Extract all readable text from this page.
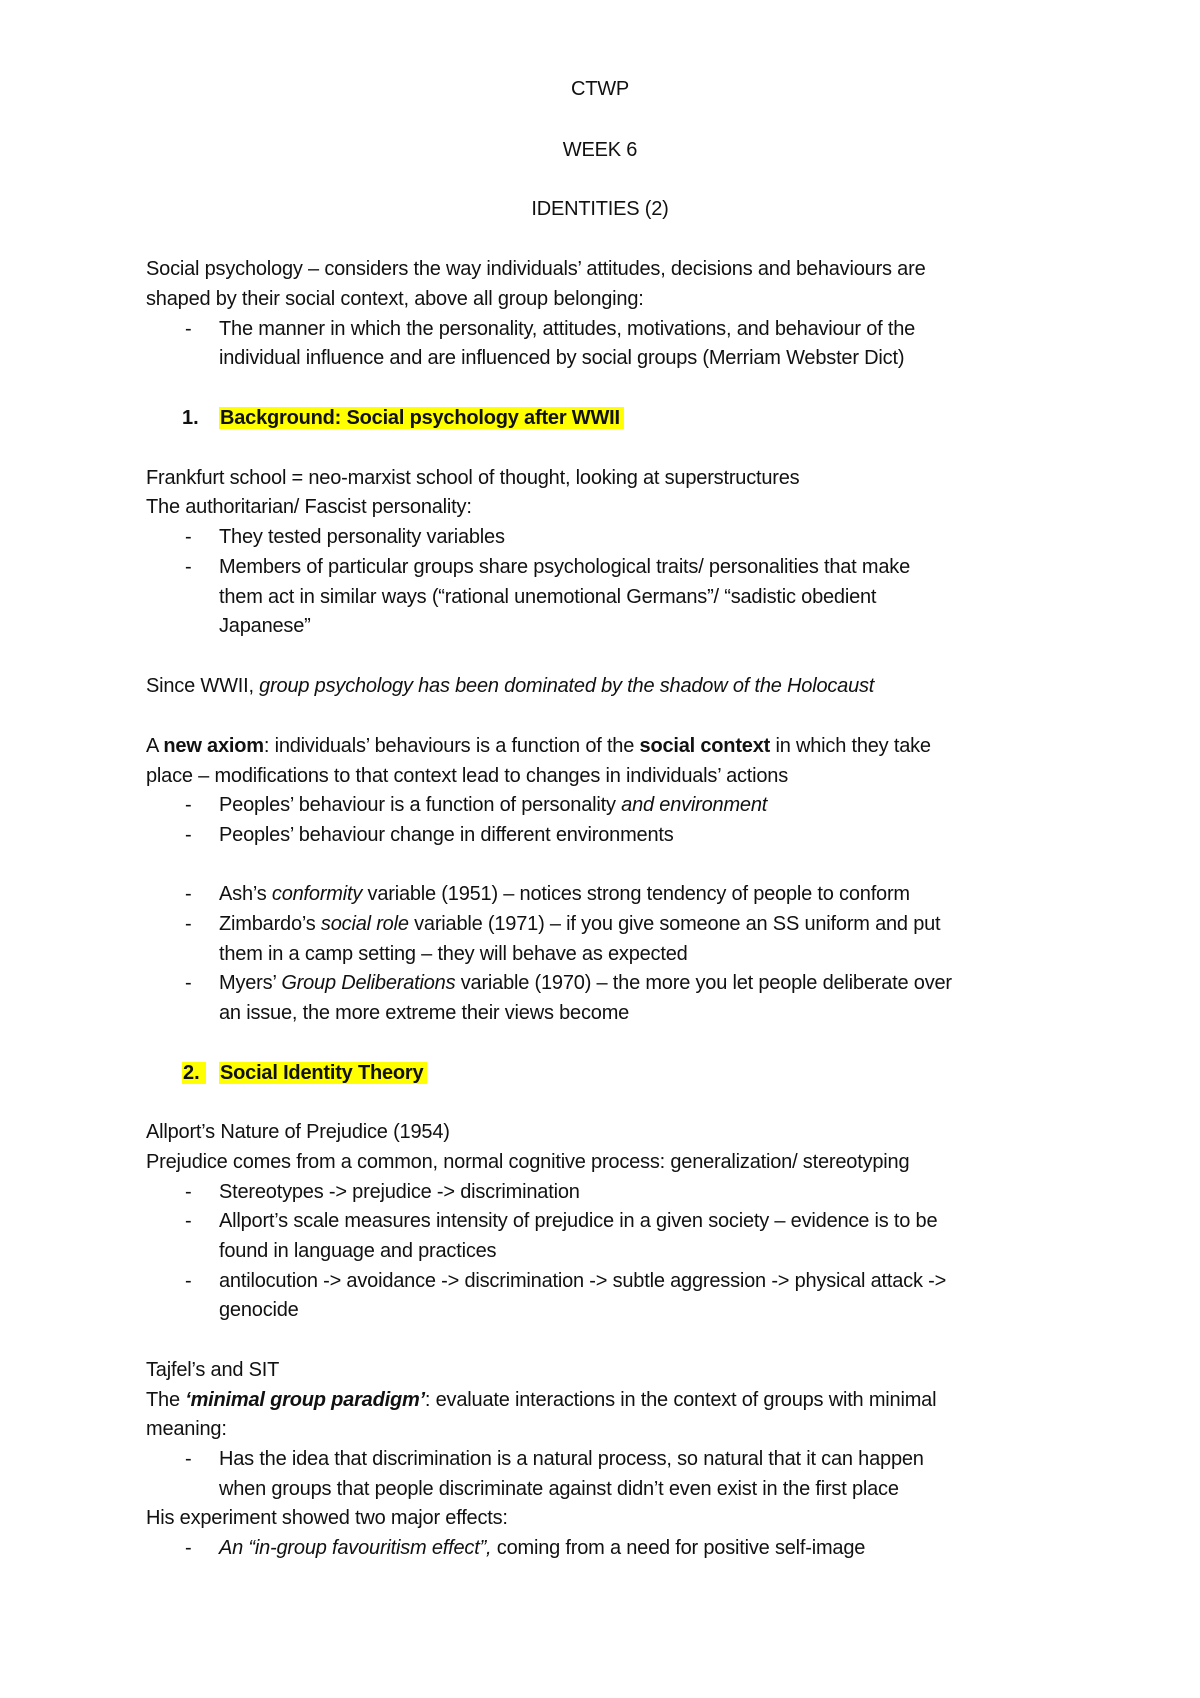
CTWP
WEEK 6
IDENTITIES (2)
Social psychology – considers the way individuals’ attitudes, decisions and behaviours are
shaped by their social context, above all group belonging:
- The manner in which the personality, attitudes, motivations, and behaviour of the
individual influence and are influenced by social groups (Merriam Webster Dict)
1. Background: Social psychology after WWII
Frankfurt school = neo-marxist school of thought, looking at superstructures
The authoritarian/ Fascist personality:
- They tested personality variables
- Members of particular groups share psychological traits/ personalities that make
them act in similar ways (“rational unemotional Germans”/ “sadistic obedient
Japanese”
Since WWII, group psychology has been dominated by the shadow of the Holocaust
A new axiom: individuals’ behaviours is a function of the social context in which they take
place – modifications to that context lead to changes in individuals’ actions
- Peoples’ behaviour is a function of personality and environment
- Peoples’ behaviour change in different environments
- Ash’s conformity variable (1951) – notices strong tendency of people to conform
- Zimbardo’s social role variable (1971) – if you give someone an SS uniform and put
them in a camp setting – they will behave as expected
- Myers’ Group Deliberations variable (1970) – the more you let people deliberate over
an issue, the more extreme their views become
2.	Social Identity Theory
Allport’s Nature of Prejudice (1954)
Prejudice comes from a common, normal cognitive process: generalization/ stereotyping
- Stereotypes -> prejudice -> discrimination
- Allport’s scale measures intensity of prejudice in a given society – evidence is to be
found in language and practices
- antilocution -> avoidance -> discrimination -> subtle aggression -> physical attack ->
genocide
Tajfel’s and SIT
The ‘minimal group paradigm’: evaluate interactions in the context of groups with minimal
meaning:
- Has the idea that discrimination is a natural process, so natural that it can happen
when groups that people discriminate against didn’t even exist in the first place
His experiment showed two major effects:
- An “in-group favouritism effect”, coming from a need for positive self-image
